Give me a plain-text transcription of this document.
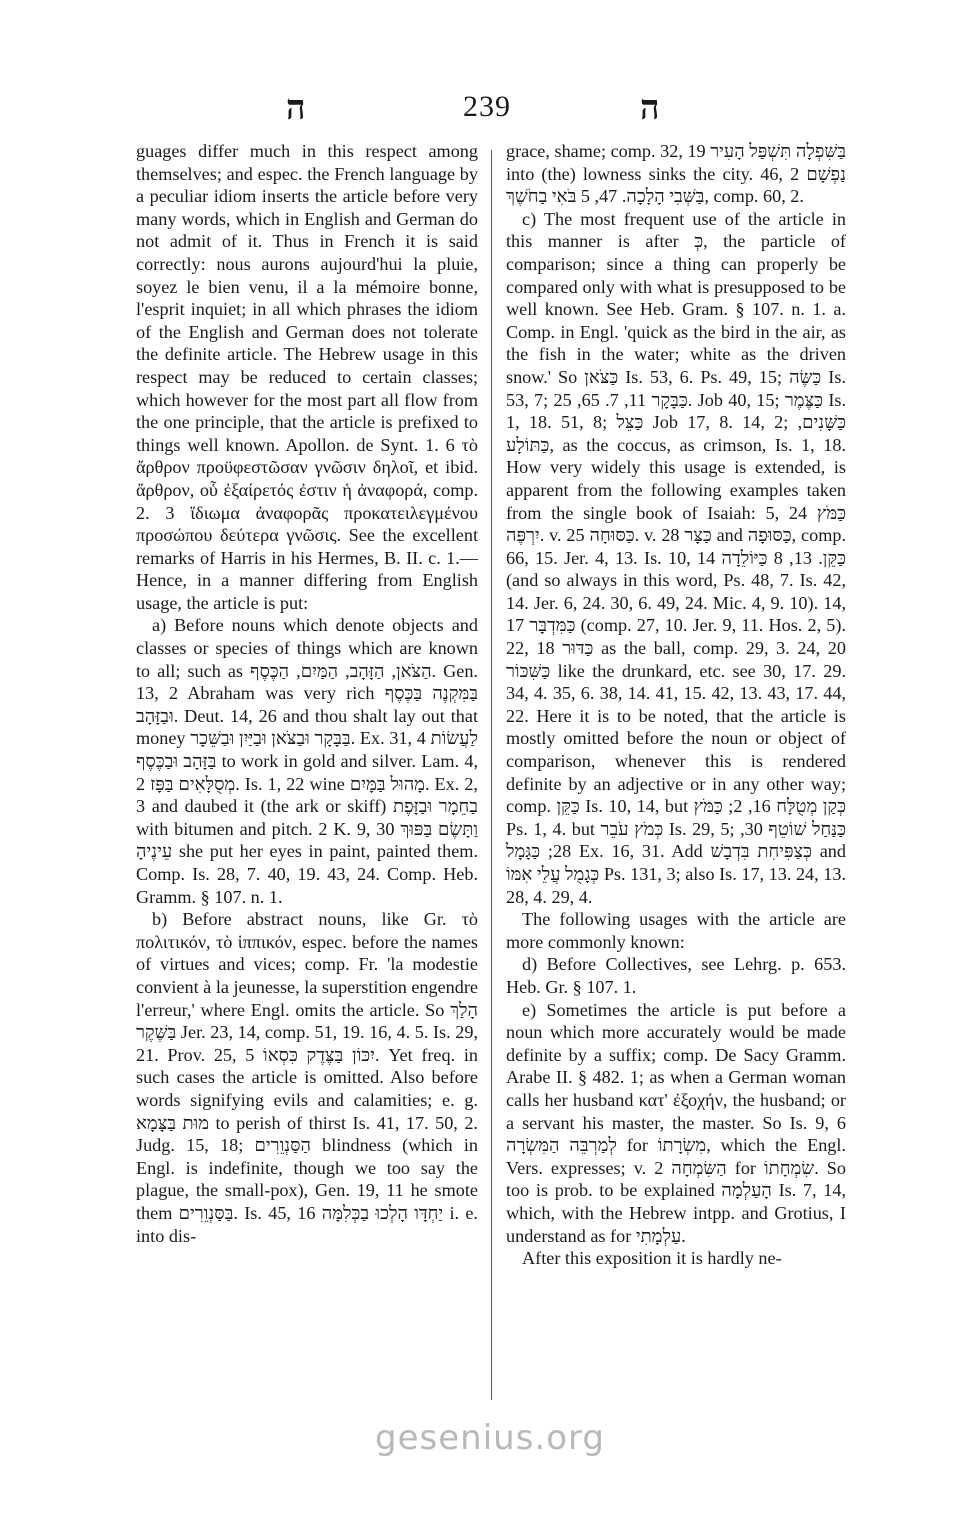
ה	239	ה

guages differ much in this respect among themselves; and espec. the French language by a peculiar idiom inserts the article before very many words, which in English and German do not admit of it. Thus in French it is said correctly: nous aurons aujourd'hui la pluie, soyez le bien venu, il a la mémoire bonne, l'esprit inquiet; in all which phrases the idiom of the English and German does not tolerate the definite article. The Hebrew usage in this respect may be reduced to certain classes; which however for the most part all flow from the one principle, that the article is prefixed to things well known. Apollon. de Synt. 1. 6 τὸ ἄρθρον προϋφεστῶσαν γνῶσιν δηλοῖ, et ibid. ἄρθρον, οὗ ἐξαίρετός ἐστιν ἡ ἀναφορά, comp. 2. 3 ἴδιωμα ἀναφορᾶς προκατειλεγμένου προσώπου δεύτερα γνῶσις. See the excellent remarks of Harris in his Hermes, B. II. c. 1.—Hence, in a manner differing from English usage, the article is put:

a) Before nouns which denote objects and classes or species of things which are known to all; such as הַצֹּאן, הַזָּהָב, הַמַּיִם, הַכֶּסֶף. Gen. 13, 2 Abraham was very rich בַּמִּקְנֶה בַּכֶּסֶף וּבַזָּהָב. Deut. 14, 26 and thou shalt lay out that money בַּבָּקָר וּבַצֹּאן וּבַיַּיִן וּבַשֵּׁכָר. Ex. 31, 4 לַעֲשׂוֹת בַּזָּהָב וּבַכֶּסֶף to work in gold and silver. Lam. 4, 2 מְסֻלָּאִים בַּפָּז. Is. 1, 22 wine מָהוּל בַּמָּיִם. Ex. 2, 3 and daubed it (the ark or skiff) בַחֵמָר וּבַזָּפֶת with bitumen and pitch. 2 K. 9, 30 וַתָּשֶׂם בַּפּוּךְ עֵינֶיהָ she put her eyes in paint, painted them. Comp. Is. 28, 7. 40, 19. 43, 24. Comp. Heb. Gramm. § 107. n. 1.

b) Before abstract nouns, like Gr. τὸ πολιτικόν, τὸ ἱππικόν, espec. before the names of virtues and vices; comp. Fr. 'la modestie convient à la jeunesse, la superstition engendre l'erreur,' where Engl. omits the article. So הָלַךְ בַּשֶּׁקֶר Jer. 23, 14, comp. 51, 19. 16, 4. 5. Is. 29, 21. Prov. 25, 5 יִכּוֹן בַּצֶּדֶק כִּסְאוֹ. Yet freq. in such cases the article is omitted. Also before words signifying evils and calamities; e. g. מוּת בַּצָּמָא to perish of thirst Is. 41, 17. 50, 2. Judg. 15, 18; הַסַּנְוֵרִים blindness (which in Engl. is indefinite, though we too say the plague, the small-pox), Gen. 19, 11 he smote them בַּסַּנְוֵרִים. Is. 45, 16 יַחְדָּו הָלְכוּ בַכְּלִמָּה i. e. into dis-

grace, shame; comp. 32, 19 בַּשִּׁפְלָה תִּשְׁפַּל הָעִיר into (the) lowness sinks the city. 46, 2 נַפְשָׁם בַּשְּׁבִי הָלָכָה. 47, 5 בֹּאִי בַחֹשֶׁךְ, comp. 60, 2.

c) The most frequent use of the article in this manner is after כְּ, the particle of comparison; since a thing can properly be compared only with what is presupposed to be well known. See Heb. Gram. § 107. n. 1. a. Comp. in Engl. 'quick as the bird in the air, as the fish in the water; white as the driven snow.' So כַּצֹּאן Is. 53, 6. Ps. 49, 15; כַּשֶּׂה Is. 53, 7; כַּבָּקָר 11, 7. 65, 25. Job 40, 15; כַּצֶּמֶר Is. 1, 18. 51, 8; כַּצֵּל Job 17, 8. 14, 2; כַּשָּׁנִים, כַּתּוֹלָע, as the coccus, as crimson, Is. 1, 18. How very widely this usage is extended, is apparent from the following examples taken from the single book of Isaiah: 5, 24 כַּמֹּץ יִרְפֶּה. v. 25 כַּסּוּחָה. v. 28 כַּצָּר and כַּסּוּפָה, comp. 66, 15. Jer. 4, 13. Is. 10, 14 כַּקֵּן. 13, 8 כַּיּוֹלֵדָה (and so always in this word, Ps. 48, 7. Is. 42, 14. Jer. 6, 24. 30, 6. 49, 24. Mic. 4, 9. 10). 14, 17 כַּמִּדְבָּר (comp. 27, 10. Jer. 9, 11. Hos. 2, 5). 22, 18 כַּדּוּר as the ball, comp. 29, 3. 24, 20 כַּשִּׁכּוֹר like the drunkard, etc. see 30, 17. 29. 34, 4. 35, 6. 38, 14. 41, 15. 42, 13. 43, 17. 44, 22. Here it is to be noted, that the article is mostly omitted before the noun or object of comparison, whenever this is rendered definite by an adjective or in any other way; comp. כַּקֵּן Is. 10, 14, but כְּקַן מְטֻלָּח 16, 2; כַּמֹּץ Ps. 1, 4. but כְּמֹץ עֹבֵר Is. 29, 5; כַּנַּחַל שׁוֹטֵף 30, 28; כַּגָּמָל Ex. 16, 31. Add כְּצַפִּיחִת בִּדְבָשׁ and כְּגָמֻל עֲלֵי אִמּוֹ Ps. 131, 3; also Is. 17, 13. 24, 13. 28, 4. 29, 4.

The following usages with the article are more commonly known:

d) Before Collectives, see Lehrg. p. 653. Heb. Gr. § 107. 1.

e) Sometimes the article is put before a noun which more accurately would be made definite by a suffix; comp. De Sacy Gramm. Arabe II. § 482. 1; as when a German woman calls her husband κατ' ἐξοχήν, the husband; or a servant his master, the master. So Is. 9, 6 לְמַרְבֵּה הַמִּשְׂרָה for מִשְׂרָתוֹ, which the Engl. Vers. expresses; v. 2 הַשִּׂמְחָה for שִׂמְחָתוֹ. So too is prob. to be explained הָעַלְמָה Is. 7, 14, which, with the Hebrew intpp. and Grotius, I understand as for עַלְמָתִי.

After this exposition it is hardly ne-

gesenius.org
